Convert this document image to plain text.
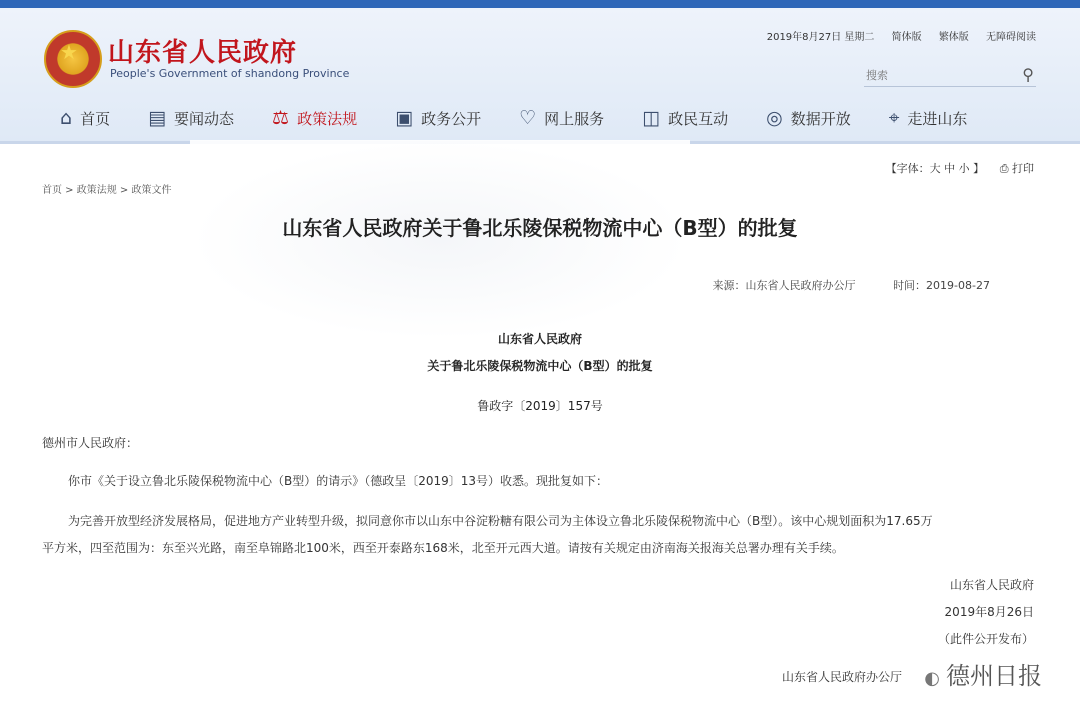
★ 山东省人民政府
People's Government of shandong Province
2019年8月27日 星期二 简体版 繁体版 无障碍阅读
搜索
⚲
⌂ 首页 ▤ 要闻动态 ⚖ 政策法规 ▣ 政务公开 ♡ 网上服务 ◫ 政民互动 ◎ 数据开放 ⌖ 走进山东
【字体：大 中 小 】 ⎙ 打印
首页 > 政策法规 > 政策文件
山东省人民政府关于鲁北乐陵保税物流中心（B型）的批复
来源：山东省人民政府办公厅	时间：2019-08-27
山东省人民政府
关于鲁北乐陵保税物流中心（B型）的批复
鲁政字〔2019〕157号
德州市人民政府：
你市《关于设立鲁北乐陵保税物流中心（B型）的请示》（德政呈〔2019〕13号）收悉。现批复如下：
为完善开放型经济发展格局，促进地方产业转型升级，拟同意你市以山东中谷淀粉糖有限公司为主体设立鲁北乐陵保税物流中心（B型）。该中心规划面积为17.65万
平方米，四至范围为：东至兴光路，南至阜锦路北100米，西至开泰路东168米，北至开元西大道。请按有关规定由济南海关报海关总署办理有关手续。
山东省人民政府
2019年8月26日
（此件公开发布）
山东省人民政府办公厅 ◐ 德州日报
